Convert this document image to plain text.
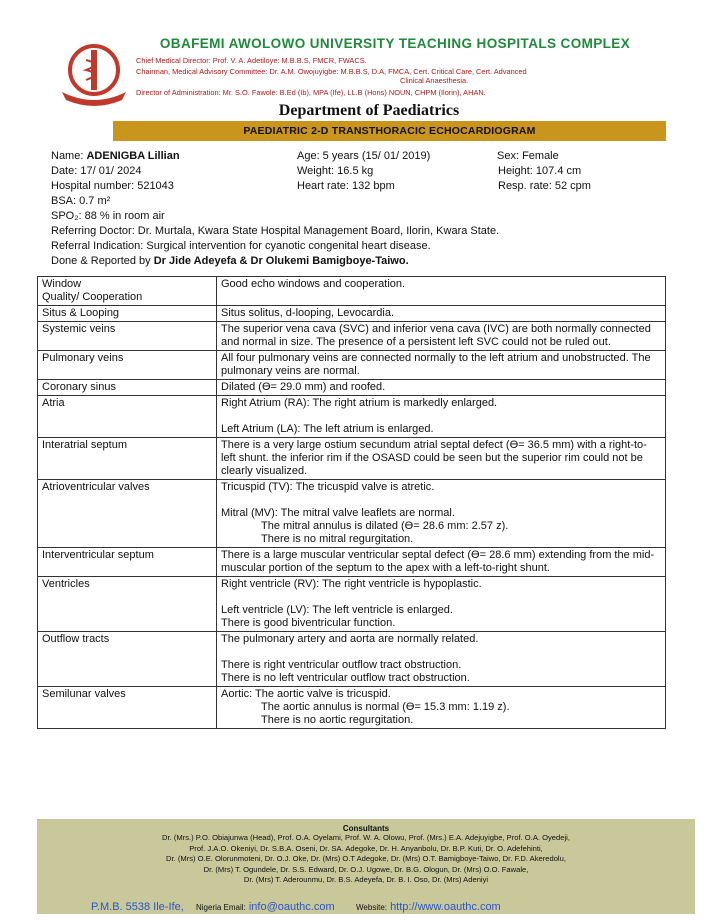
OBAFEMI AWOLOWO UNIVERSITY TEACHING HOSPITALS COMPLEX
Chief Medical Director: Prof. V. A. Adetiloye: M.B.B.S, FMCR, FWACS.
Chairman, Medical Advisory Committee: Dr. A.M. Owojuyigbe: M.B.B.S, D.A, FMCA, Cert. Critical Care, Cert. Advanced
Clinical Anaesthesia.
Director of Administration: Mr. S.O. Fawole: B.Ed (Ib), MPA (Ife), LL.B (Hons) NOUN, CHPM (Ilorin), AHAN.
Department of Paediatrics
PAEDIATRIC 2-D TRANSTHORACIC ECHOCARDIOGRAM
Name: ADENIGBA Lillian	Age: 5 years (15/ 01/ 2019)	Sex: Female
Date: 17/ 01/ 2024	Weight: 16.5 kg	Height: 107.4 cm
Hospital number: 521043	Heart rate: 132 bpm	Resp. rate: 52 cpm
BSA: 0.7 m²
SPO₂: 88 % in room air
Referring Doctor: Dr. Murtala, Kwara State Hospital Management Board, Ilorin, Kwara State.
Referral Indication: Surgical intervention for cyanotic congenital heart disease.
Done & Reported by Dr Jide Adeyefa & Dr Olukemi Bamigboye-Taiwo.
Window
Quality/ Cooperation	Good echo windows and cooperation.

Situs & Looping	Situs solitus, d-looping, Levocardia.

Systemic veins	The superior vena cava (SVC) and inferior vena cava (IVC) are both normally connected and normal in size. The presence of a persistent left SVC could not be ruled out.

Pulmonary veins	All four pulmonary veins are connected normally to the left atrium and unobstructed. The pulmonary veins are normal.

Coronary sinus	Dilated (ϴ= 29.0 mm) and roofed.

Atria	Right Atrium (RA): The right atrium is markedly enlarged.
Left Atrium (LA): The left atrium is enlarged.

Interatrial septum	There is a very large ostium secundum atrial septal defect (ϴ= 36.5 mm) with a right-to-left shunt. the inferior rim if the OSASD could be seen but the superior rim could not be clearly visualized.

Atrioventricular valves	Tricuspid (TV): The tricuspid valve is atretic.
Mitral (MV): The mitral valve leaflets are normal.
The mitral annulus is dilated (ϴ= 28.6 mm: 2.57 z).
There is no mitral regurgitation.

Interventricular septum	There is a large muscular ventricular septal defect (ϴ= 28.6 mm) extending from the mid-muscular portion of the septum to the apex with a left-to-right shunt.

Ventricles	Right ventricle (RV): The right ventricle is hypoplastic.
Left ventricle (LV): The left ventricle is enlarged.
There is good biventricular function.

Outflow tracts	The pulmonary artery and aorta are normally related.
There is right ventricular outflow tract obstruction.
There is no left ventricular outflow tract obstruction.

Semilunar valves	Aortic: The aortic valve is tricuspid.
The aortic annulus is normal (ϴ= 15.3 mm: 1.19 z).
There is no aortic regurgitation.
Consultants
Dr. (Mrs.) P.O. Obiajunwa (Head), Prof. O.A. Oyelami, Prof. W. A. Olowu, Prof. (Mrs.) E.A. Adejuyigbe, Prof. O.A. Oyedeji,
Prof. J.A.O. Okeniyi, Dr. S.B.A. Oseni, Dr. SA. Adegoke, Dr. H. Anyanbolu, Dr. B.P. Kuti, Dr. O. Adefehinti,
Dr. (Mrs) O.E. Olorunmoteni, Dr. O.J. Oke, Dr. (Mrs) O.T Adegoke, Dr. (Mrs) O.T. Bamigboye-Taiwo, Dr. F.D. Akeredolu,
Dr. (Mrs) T. Ogundele, Dr. S.S. Edward, Dr. O.J. Ugowe, Dr. B.G. Ologun, Dr. (Mrs) O.O. Fawale,
Dr. (Mrs) T. Aderounmu, Dr. B.S. Adeyefa, Dr. B. I. Oso, Dr. (Mrs) Adeniyi
P.M.B. 5538 Ile-Ife, Nigeria Email: info@oauthc.com	Website: http://www.oauthc.com
